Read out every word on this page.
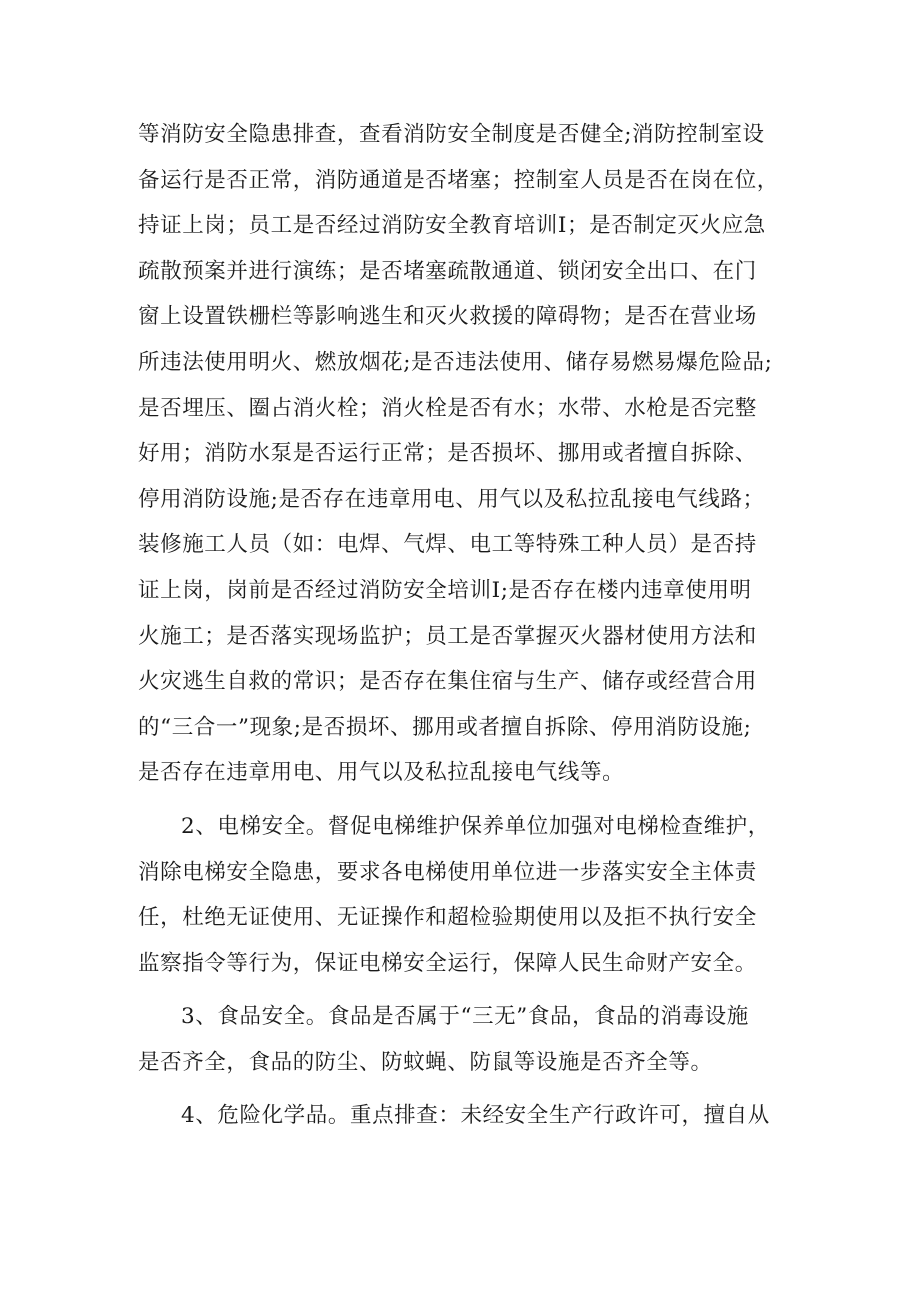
等消防安全隐患排查，查看消防安全制度是否健全;消防控制室设
备运行是否正常，消防通道是否堵塞；控制室人员是否在岗在位，
持证上岗；员工是否经过消防安全教育培训I；是否制定灭火应急
疏散预案并进行演练；是否堵塞疏散通道、锁闭安全出口、在门
窗上设置铁栅栏等影响逃生和灭火救援的障碍物；是否在营业场
所违法使用明火、燃放烟花;是否违法使用、储存易燃易爆危险品;
是否埋压、圈占消火栓；消火栓是否有水；水带、水枪是否完整
好用；消防水泵是否运行正常；是否损坏、挪用或者擅自拆除、
停用消防设施;是否存在违章用电、用气以及私拉乱接电气线路；
装修施工人员（如：电焊、气焊、电工等特殊工种人员）是否持
证上岗，岗前是否经过消防安全培训I;是否存在楼内违章使用明
火施工；是否落实现场监护；员工是否掌握灭火器材使用方法和
火灾逃生自救的常识；是否存在集住宿与生产、储存或经营合用
的“三合一”现象;是否损坏、挪用或者擅自拆除、停用消防设施;
是否存在违章用电、用气以及私拉乱接电气线等。
2、电梯安全。督促电梯维护保养单位加强对电梯检查维护，
消除电梯安全隐患，要求各电梯使用单位进一步落实安全主体责
任，杜绝无证使用、无证操作和超检验期使用以及拒不执行安全
监察指令等行为，保证电梯安全运行，保障人民生命财产安全。
3、食品安全。食品是否属于“三无”食品，食品的消毒设施
是否齐全，食品的防尘、防蚊蝇、防鼠等设施是否齐全等。
4、危险化学品。重点排查：未经安全生产行政许可，擅自从
